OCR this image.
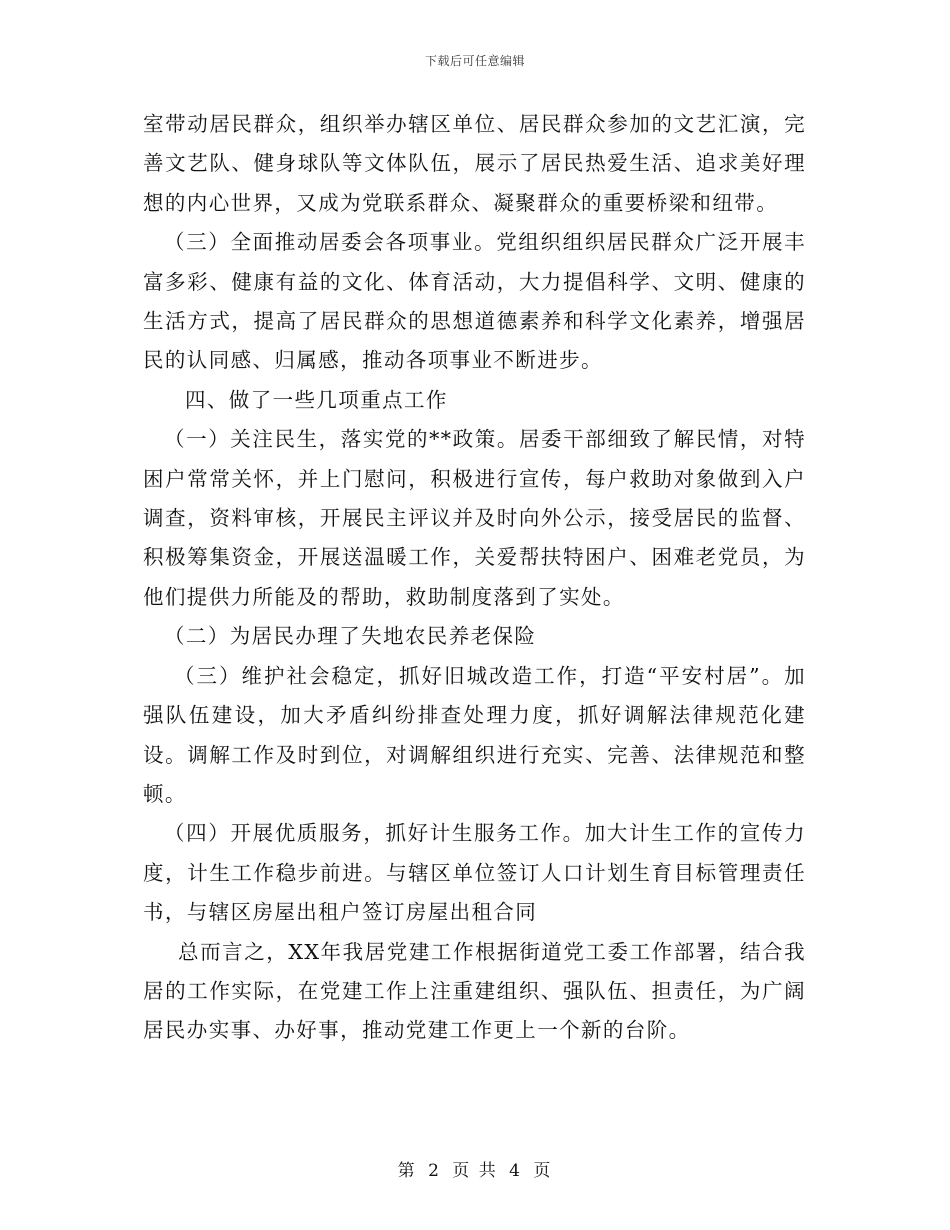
下载后可任意编辑

室带动居民群众，组织举办辖区单位、居民群众参加的文艺汇演，完善文艺队、健身球队等文体队伍，展示了居民热爱生活、追求美好理想的内心世界，又成为党联系群众、凝聚群众的重要桥梁和纽带。

（三）全面推动居委会各项事业。党组织组织居民群众广泛开展丰富多彩、健康有益的文化、体育活动，大力提倡科学、文明、健康的生活方式，提高了居民群众的思想道德素养和科学文化素养，增强居民的认同感、归属感，推动各项事业不断进步。

四、做了一些几项重点工作

（一）关注民生，落实党的**政策。居委干部细致了解民情，对特困户常常关怀，并上门慰问，积极进行宣传，每户救助对象做到入户调查，资料审核，开展民主评议并及时向外公示，接受居民的监督、积极筹集资金，开展送温暖工作，关爱帮扶特困户、困难老党员，为他们提供力所能及的帮助，救助制度落到了实处。

（二）为居民办理了失地农民养老保险

（三）维护社会稳定，抓好旧城改造工作，打造“平安村居”。加强队伍建设，加大矛盾纠纷排查处理力度，抓好调解法律规范化建设。调解工作及时到位，对调解组织进行充实、完善、法律规范和整顿。

（四）开展优质服务，抓好计生服务工作。加大计生工作的宣传力度，计生工作稳步前进。与辖区单位签订人口计划生育目标管理责任书，与辖区房屋出租户签订房屋出租合同

总而言之，XX年我居党建工作根据街道党工委工作部署，结合我居的工作实际，在党建工作上注重建组织、强队伍、担责任，为广阔居民办实事、办好事，推动党建工作更上一个新的台阶。

第 2 页 共 4 页
